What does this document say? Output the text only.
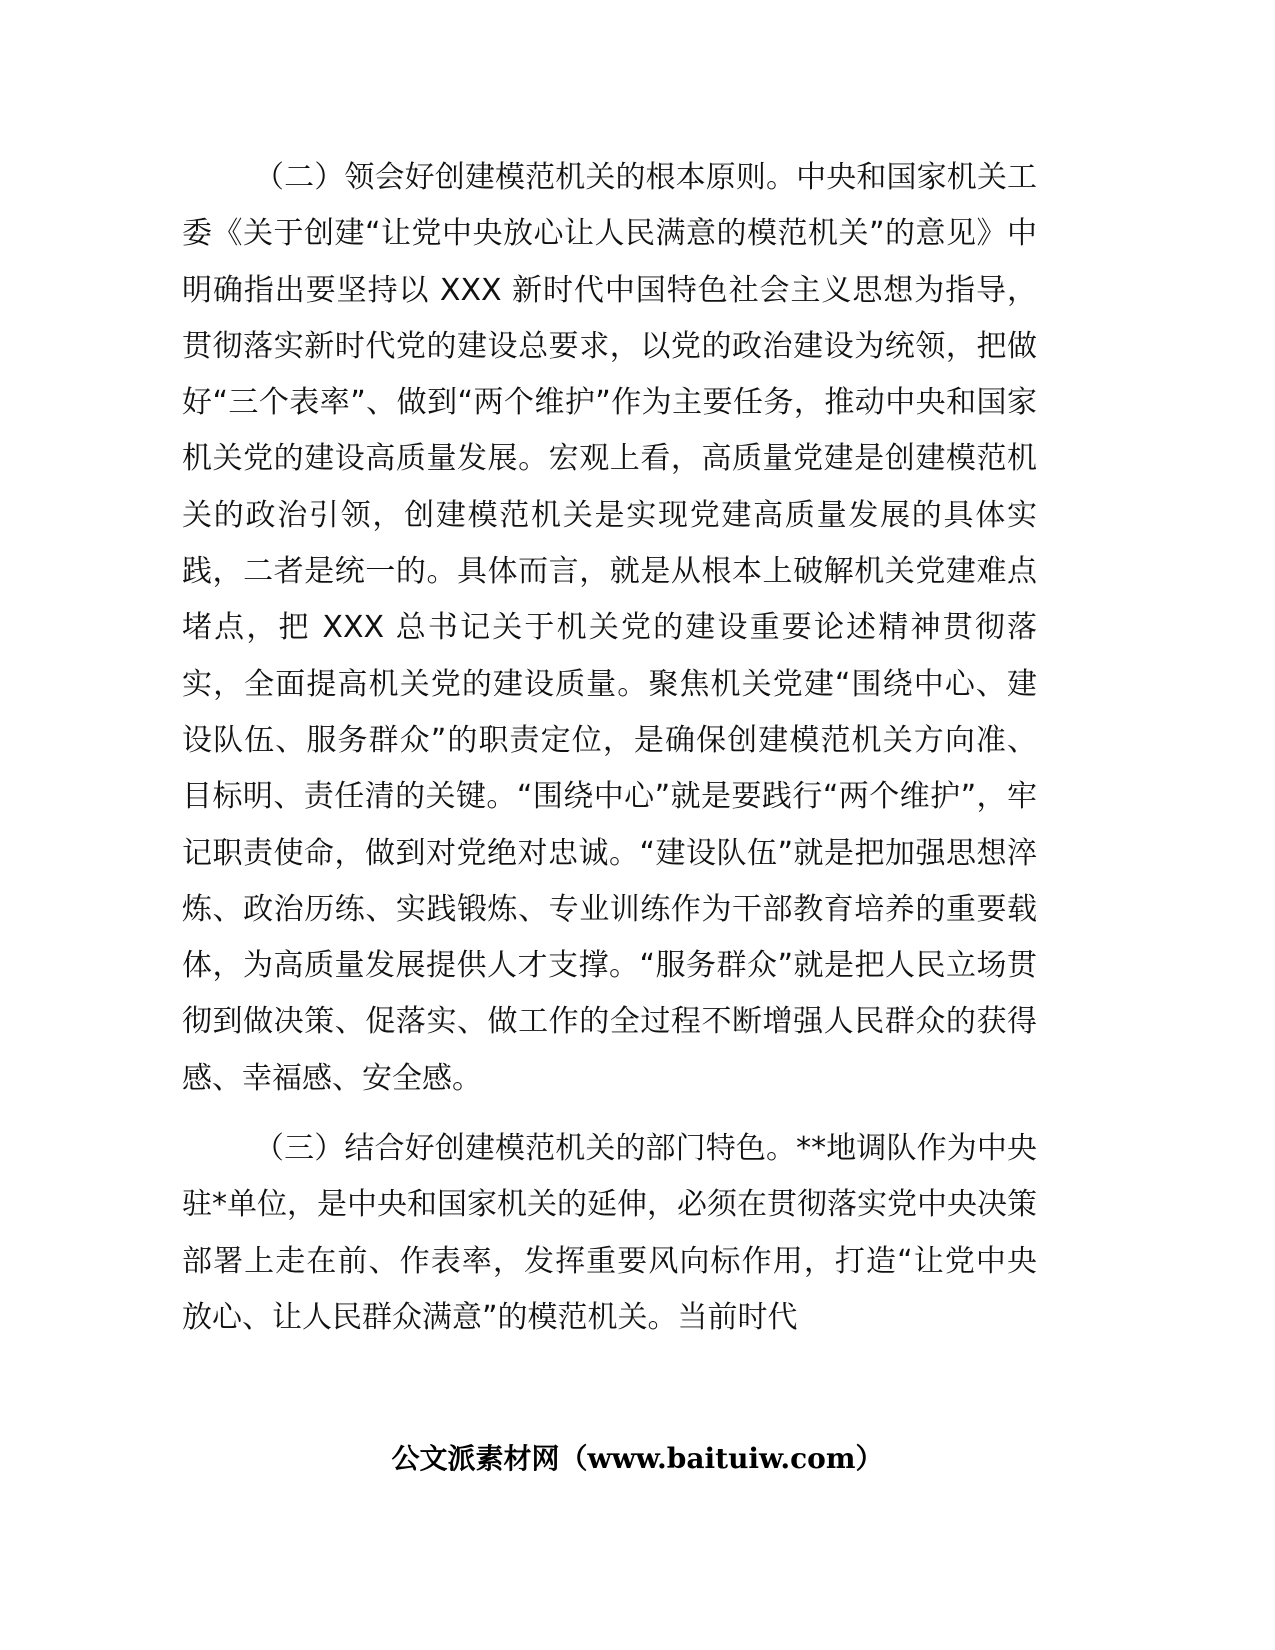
（二）领会好创建模范机关的根本原则。中央和国家机关工委《关于创建“让党中央放心让人民满意的模范机关”的意见》中明确指出要坚持以 XXX 新时代中国特色社会主义思想为指导，贯彻落实新时代党的建设总要求，以党的政治建设为统领，把做好“三个表率”、做到“两个维护”作为主要任务，推动中央和国家机关党的建设高质量发展。宏观上看，高质量党建是创建模范机关的政治引领，创建模范机关是实现党建高质量发展的具体实践，二者是统一的。具体而言，就是从根本上破解机关党建难点堵点，把 XXX 总书记关于机关党的建设重要论述精神贯彻落实，全面提高机关党的建设质量。聚焦机关党建“围绕中心、建设队伍、服务群众”的职责定位，是确保创建模范机关方向准、目标明、责任清的关键。“围绕中心”就是要践行“两个维护”，牢记职责使命，做到对党绝对忠诚。“建设队伍”就是把加强思想淬炼、政治历练、实践锻炼、专业训练作为干部教育培养的重要载体，为高质量发展提供人才支撑。“服务群众”就是把人民立场贯彻到做决策、促落实、做工作的全过程不断增强人民群众的获得感、幸福感、安全感。

（三）结合好创建模范机关的部门特色。**地调队作为中央驻*单位，是中央和国家机关的延伸，必须在贯彻落实党中央决策部署上走在前、作表率，发挥重要风向标作用，打造“让党中央放心、让人民群众满意”的模范机关。当前时代

公文派素材网（www.baituiw.com）
